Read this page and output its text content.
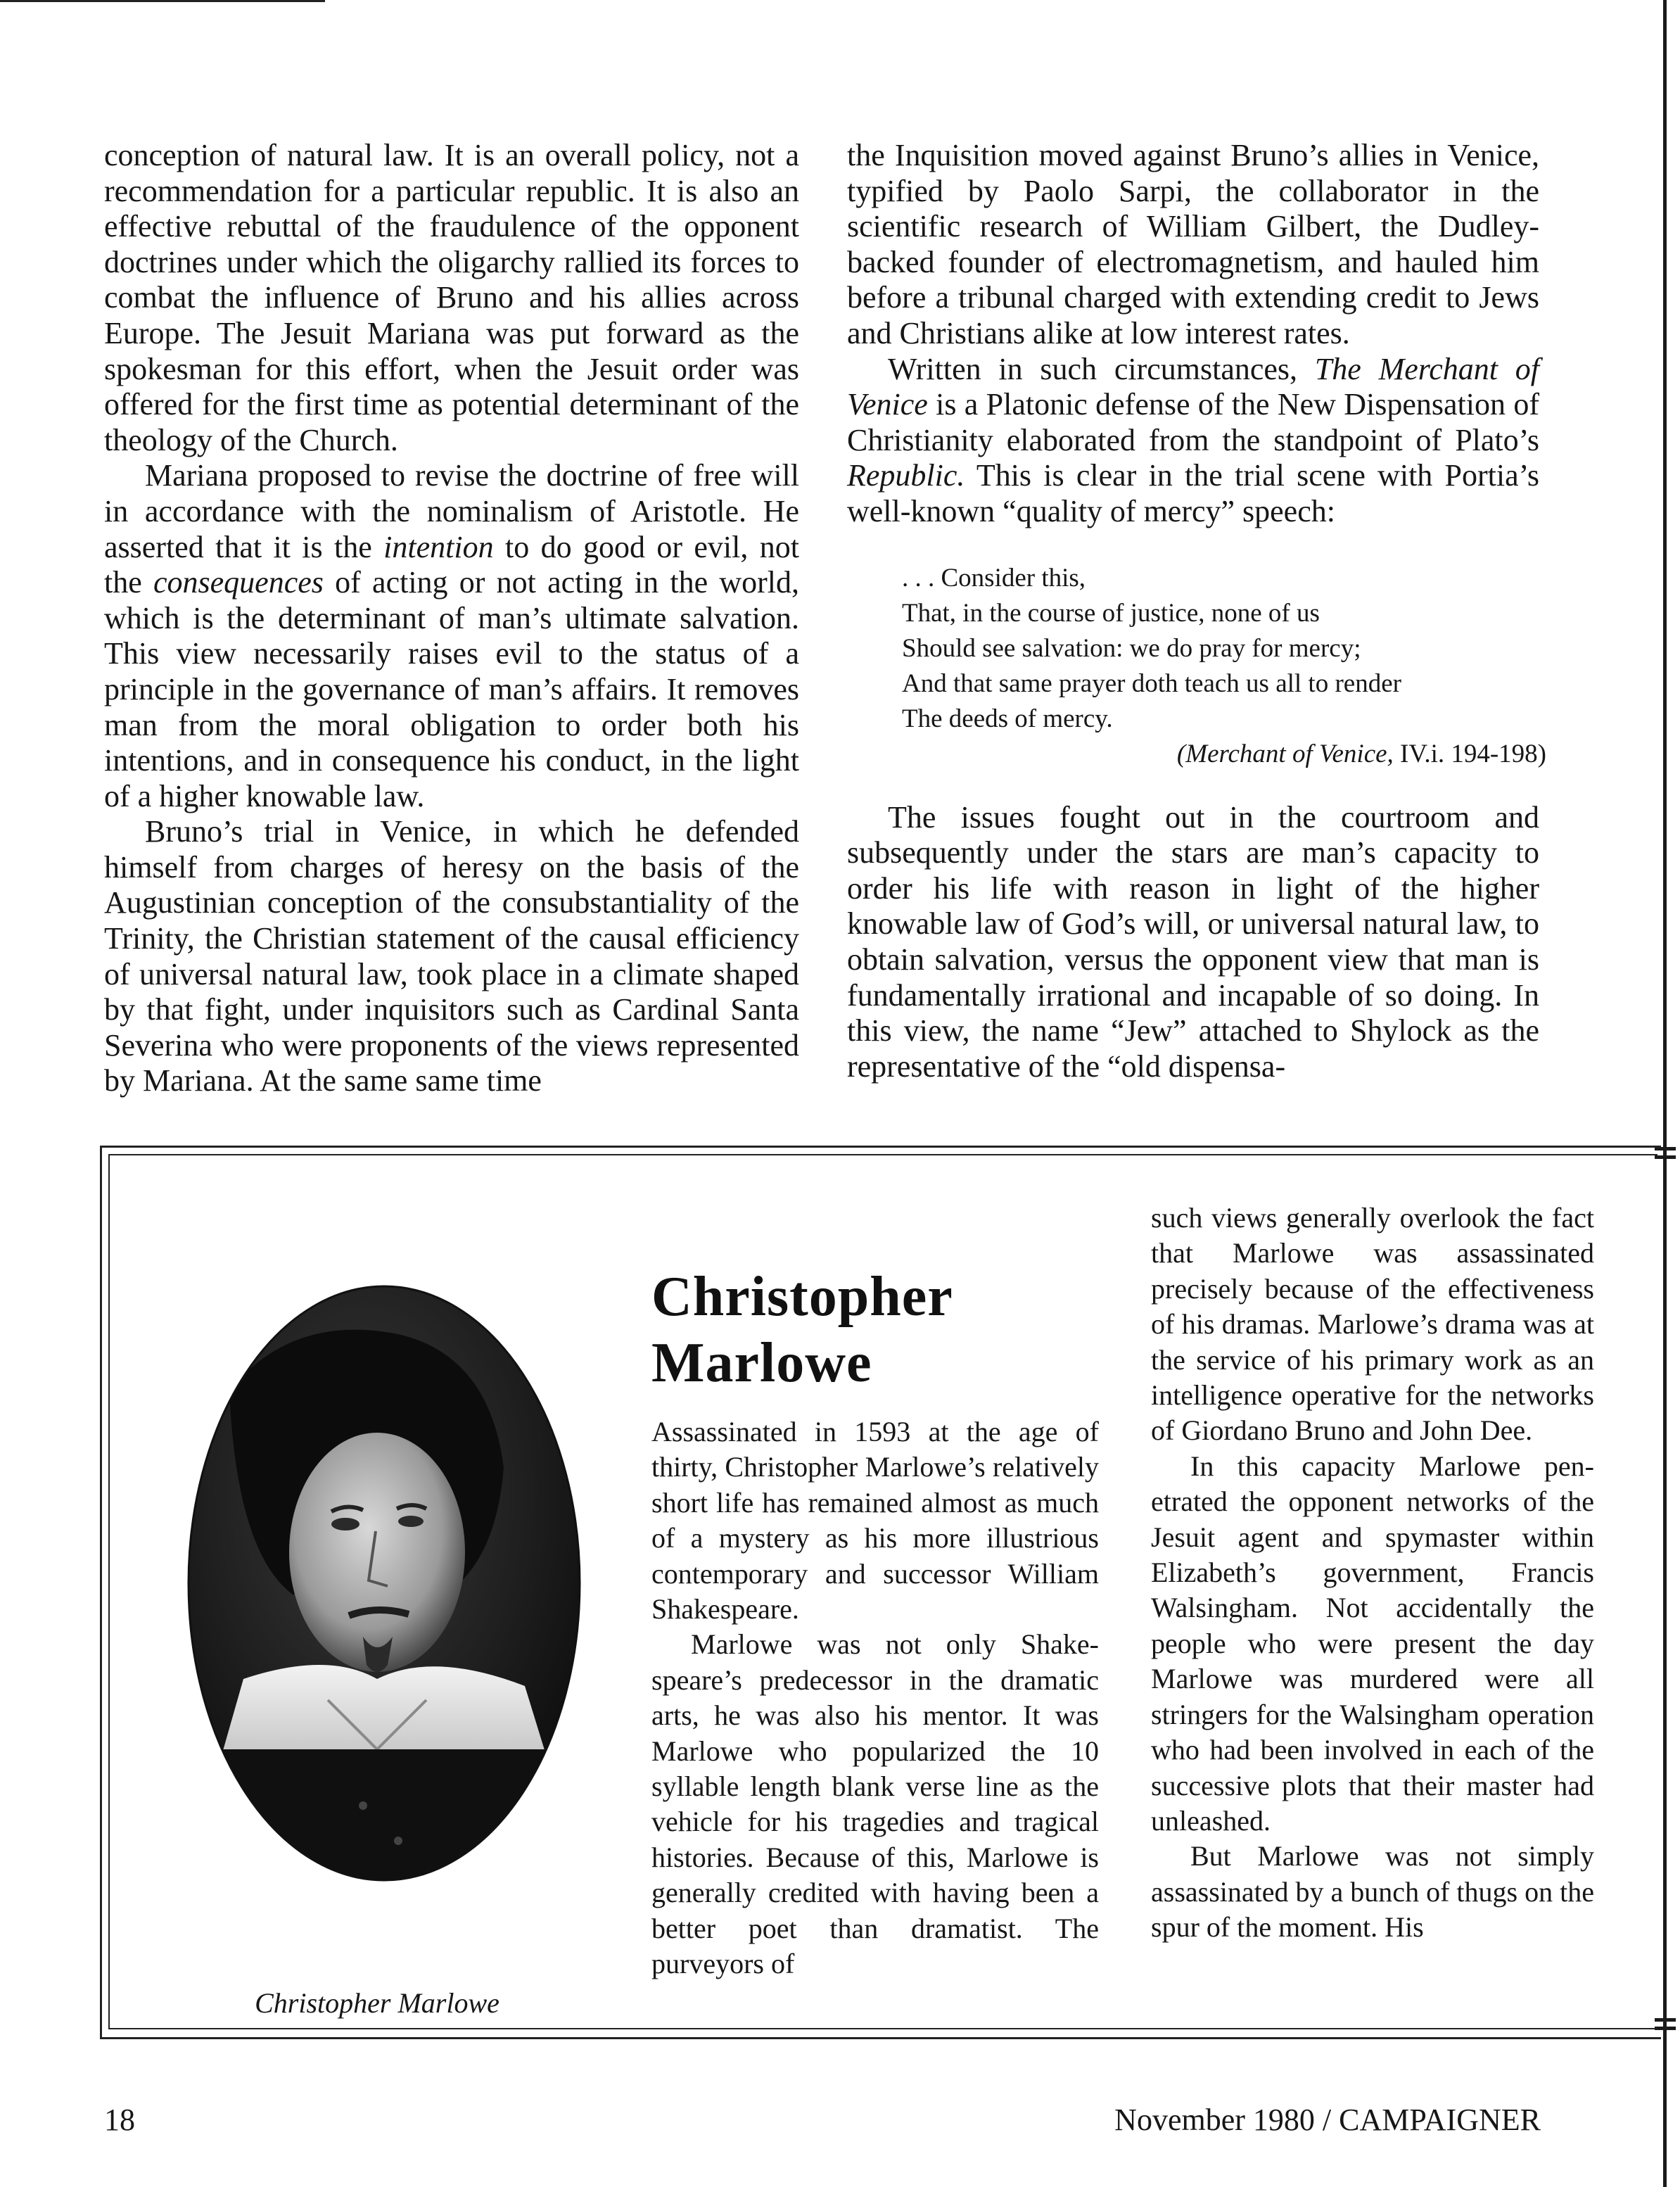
conception of natural law. It is an overall policy, not a recommendation for a particular republic. It is also an effective rebuttal of the fraudulence of the opponent doctrines under which the oligarchy rallied its forces to combat the influence of Bruno and his allies across Europe. The Jesuit Mariana was put forward as the spokesman for this effort, when the Jesuit order was offered for the first time as potential determinant of the theology of the Church.

Mariana proposed to revise the doctrine of free will in accordance with the nominalism of Aristotle. He asserted that it is the intention to do good or evil, not the consequences of acting or not acting in the world, which is the determinant of man’s ultimate salvation. This view necessarily raises evil to the status of a principle in the governance of man’s affairs. It removes man from the moral obligation to order both his intentions, and in consequence his conduct, in the light of a higher knowable law.

Bruno’s trial in Venice, in which he defended himself from charges of heresy on the basis of the Augustinian conception of the consubstantiality of the Trinity, the Christian statement of the causal efficiency of universal natural law, took place in a climate shaped by that fight, under inquisitors such as Cardinal Santa Severina who were proponents of the views represented by Mariana. At the same same time

the Inquisition moved against Bruno’s allies in Venice, typified by Paolo Sarpi, the collaborator in the scientific research of William Gilbert, the Dudley-backed founder of electromagnetism, and hauled him before a tribunal charged with extending credit to Jews and Christians alike at low interest rates.

Written in such circumstances, The Merchant of Venice is a Platonic defense of the New Dispensation of Christianity elaborated from the standpoint of Plato’s Republic. This is clear in the trial scene with Portia’s well-known “quality of mercy” speech:

. . . Consider this,
That, in the course of justice, none of us
Should see salvation: we do pray for mercy;
And that same prayer doth teach us all to render
The deeds of mercy.
(Merchant of Venice, IV.i. 194-198)

The issues fought out in the courtroom and subsequently under the stars are man’s capacity to order his life with reason in light of the higher knowable law of God’s will, or universal natural law, to obtain salvation, versus the opponent view that man is fundamentally irrational and incapable of so doing. In this view, the name “Jew” attached to Shylock as the representative of the “old dispensa-

Christopher Marlowe
Christopher
Marlowe

Assassinated in 1593 at the age of thirty, Christopher Marlowe’s relatively short life has remained almost as much of a mystery as his more illustrious contemporary and successor William Shakespeare.

Marlowe was not only Shakespeare’s predecessor in the dramatic arts, he was also his mentor. It was Marlowe who popularized the 10 syllable length blank verse line as the vehicle for his tragedies and tragical histories. Because of this, Marlowe is generally credited with having been a better poet than dramatist. The purveyors of

such views generally overlook the fact that Marlowe was assassinated precisely because of the effectiveness of his dramas. Marlowe’s drama was at the service of his primary work as an intelligence operative for the networks of Giordano Bruno and John Dee.

In this capacity Marlowe penetrated the opponent networks of the Jesuit agent and spymaster within Elizabeth’s government, Francis Walsingham. Not accidentally the people who were present the day Marlowe was murdered were all stringers for the Walsingham operation who had been involved in each of the successive plots that their master had unleashed.

But Marlowe was not simply assassinated by a bunch of thugs on the spur of the moment. His

18	November 1980 / CAMPAIGNER
